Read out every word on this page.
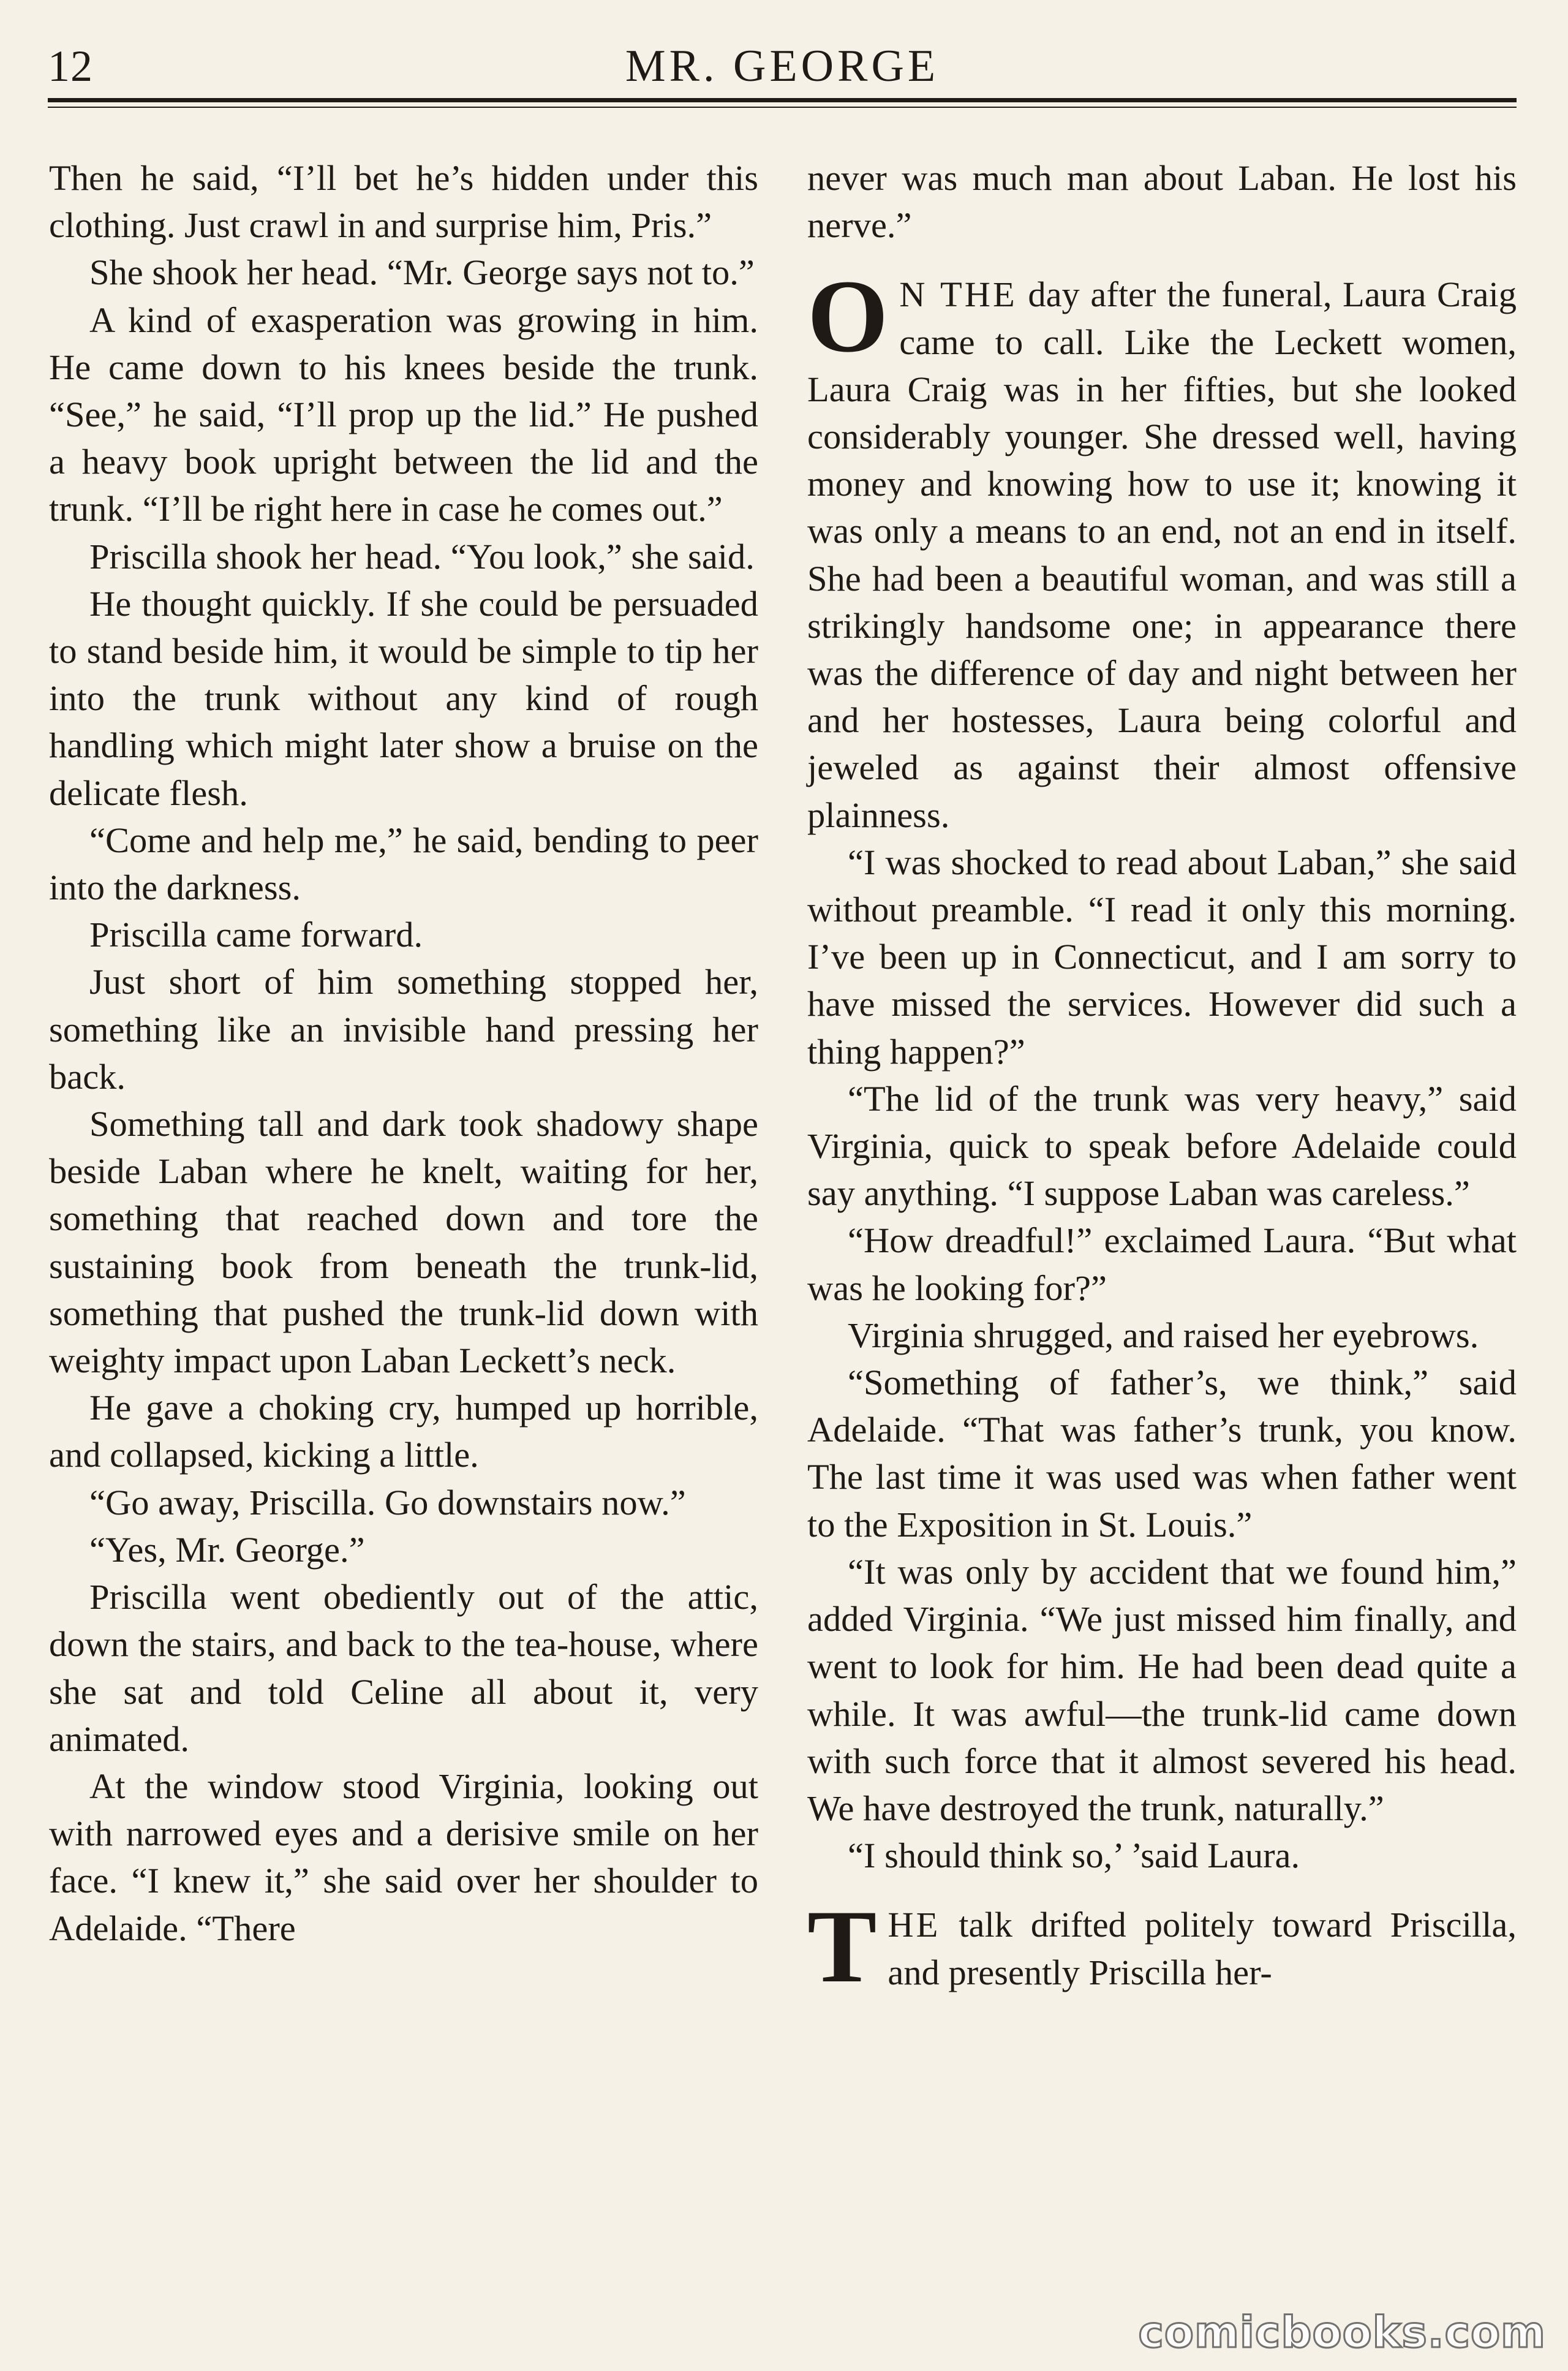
12	MR. GEORGE

Then he said, “I’ll bet he’s hidden under this clothing. Just crawl in and surprise him, Pris.”

She shook her head. “Mr. George says not to.”

A kind of exasperation was growing in him. He came down to his knees beside the trunk. “See,” he said, “I’ll prop up the lid.” He pushed a heavy book upright between the lid and the trunk. “I’ll be right here in case he comes out.”

Priscilla shook her head. “You look,” she said.

He thought quickly. If she could be persuaded to stand beside him, it would be simple to tip her into the trunk without any kind of rough handling which might later show a bruise on the delicate flesh.

“Come and help me,” he said, bending to peer into the darkness.

Priscilla came forward.

Just short of him something stopped her, something like an invisible hand pressing her back.

Something tall and dark took shadowy shape beside Laban where he knelt, waiting for her, something that reached down and tore the sustaining book from beneath the trunk-lid, something that pushed the trunk-lid down with weighty impact upon Laban Leckett’s neck.

He gave a choking cry, humped up horrible, and collapsed, kicking a little.

“Go away, Priscilla. Go downstairs now.”

“Yes, Mr. George.”

Priscilla went obediently out of the attic, down the stairs, and back to the tea-house, where she sat and told Celine all about it, very animated.

At the window stood Virginia, looking out with narrowed eyes and a derisive smile on her face. “I knew it,” she said over her shoulder to Adelaide. “There

never was much man about Laban. He lost his nerve.”

O N THE day after the funeral, Laura Craig came to call. Like the Leckett women, Laura Craig was in her fifties, but she looked considerably younger. She dressed well, having money and knowing how to use it; knowing it was only a means to an end, not an end in itself. She had been a beautiful woman, and was still a strikingly handsome one; in appearance there was the difference of day and night between her and her hostesses, Laura being colorful and jeweled as against their almost offensive plainness.

“I was shocked to read about Laban,” she said without preamble. “I read it only this morning. I’ve been up in Connecticut, and I am sorry to have missed the services. However did such a thing happen?”

“The lid of the trunk was very heavy,” said Virginia, quick to speak before Adelaide could say anything. “I suppose Laban was careless.”

“How dreadful!” exclaimed Laura. “But what was he looking for?”

Virginia shrugged, and raised her eyebrows.

“Something of father’s, we think,” said Adelaide. “That was father’s trunk, you know. The last time it was used was when father went to the Exposition in St. Louis.”

“It was only by accident that we found him,” added Virginia. “We just missed him finally, and went to look for him. He had been dead quite a while. It was awful—the trunk-lid came down with such force that it almost severed his head. We have destroyed the trunk, naturally.”

“I should think so,’ ’said Laura.

THE talk drifted politely toward Priscilla, and presently Priscilla her-

comicbooks.com
